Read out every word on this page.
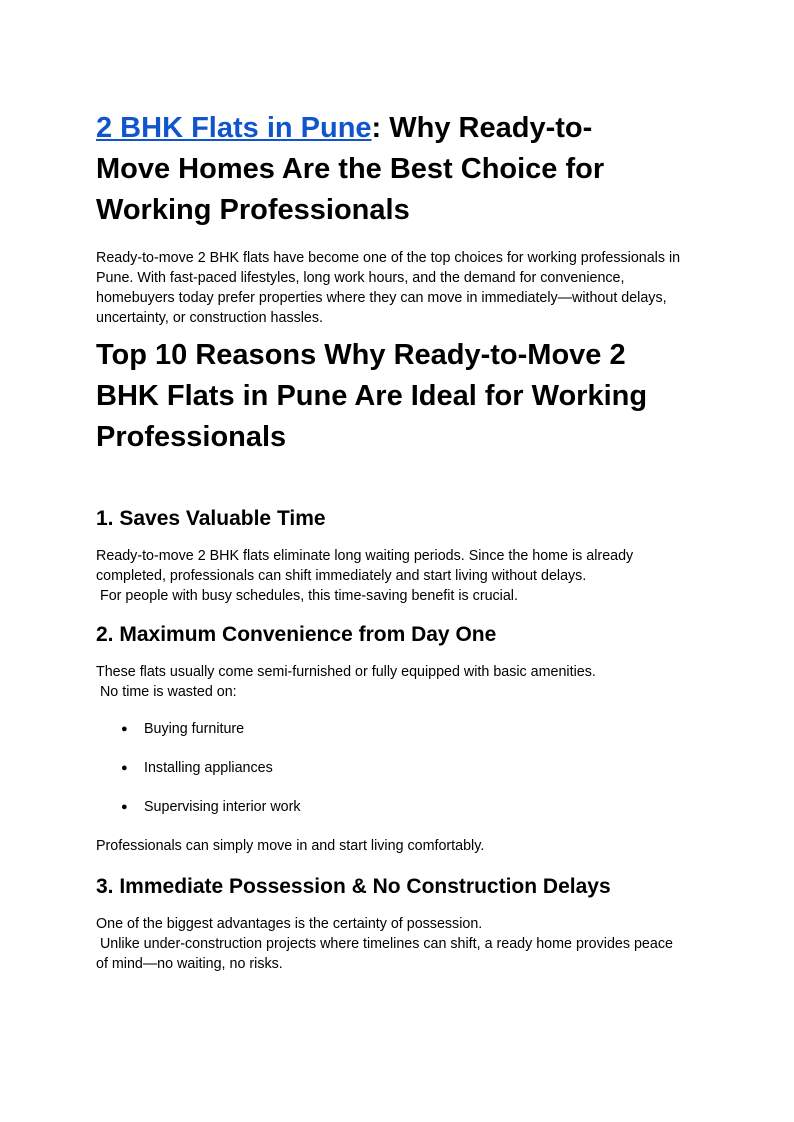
2 BHK Flats in Pune: Why Ready-to-
Move Homes Are the Best Choice for
Working Professionals

Ready-to-move 2 BHK flats have become one of the top choices for working professionals in
Pune. With fast-paced lifestyles, long work hours, and the demand for convenience,
homebuyers today prefer properties where they can move in immediately—without delays,
uncertainty, or construction hassles.

Top 10 Reasons Why Ready-to-Move 2
BHK Flats in Pune Are Ideal for Working
Professionals
1. Saves Valuable Time

Ready-to-move 2 BHK flats eliminate long waiting periods. Since the home is already
completed, professionals can shift immediately and start living without delays.
For people with busy schedules, this time-saving benefit is crucial.

2. Maximum Convenience from Day One

These flats usually come semi-furnished or fully equipped with basic amenities.
No time is wasted on:

● Buying furniture
● Installing appliances
● Supervising interior work

Professionals can simply move in and start living comfortably.

3. Immediate Possession & No Construction Delays

One of the biggest advantages is the certainty of possession.
Unlike under-construction projects where timelines can shift, a ready home provides peace
of mind—no waiting, no risks.
